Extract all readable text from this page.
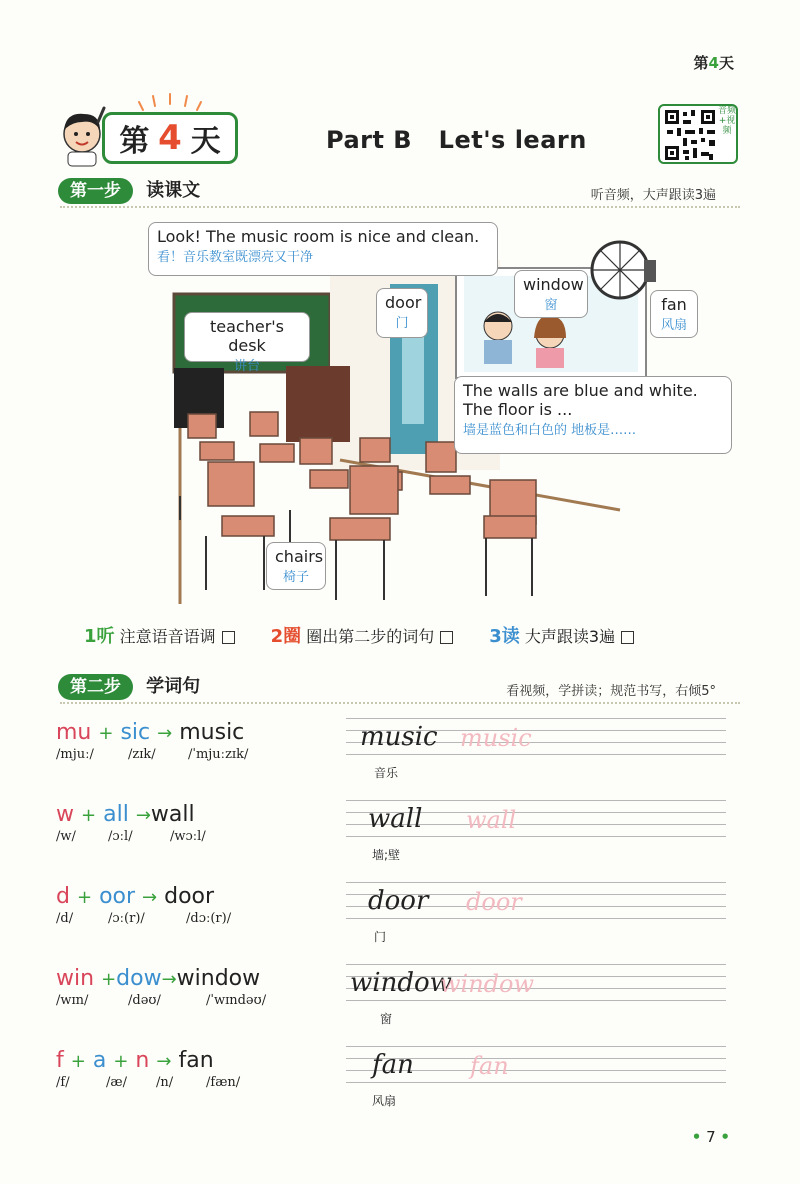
第4天
第 4 天	Part B   Let's learn
音频+视频
第一步 读课文	听音频，大声跟读3遍
Look! The music room is nice and clean.
看！音乐教室既漂亮又干净
teacher's desk
讲台
door
门
window
窗	fan
风扇
The walls are blue and white.
The floor is ...
墙是蓝色和白色的 地板是……
chairs
椅子
1听 注意语音语调	2圈 圈出第二步的词句	3读 大声跟读3遍
第二步 学词句	看视频，学拼读；规范书写，右倾5°
mu + sic → music
/mjuː/	/zɪk/ /ˈmjuːzɪk/
w + all →wall
/w/ /ɔːl/	/wɔːl/
d + oor → door
/d/	/ɔː(r)/	/dɔː(r)/
win +dow→window
/wɪn/	/dəʊ/	/ˈwɪndəʊ/
f + a + n → fan
/f/	/æ/ /n/	/fæn/
music music
音乐
wall wall
墙;壁
door door
门
window
window
窗
fan fan
风扇
• 7 •
